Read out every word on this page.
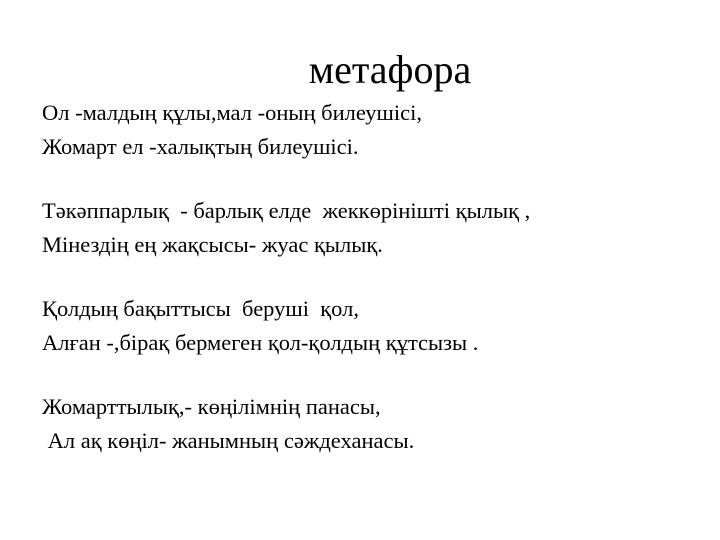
метафора
Ол -малдың құлы,мал -оның билеушісі,
Жомарт ел -халықтың билеушісі.
Тәкәппарлық  - барлық елде  жеккөрінішті қылық ,
Мінездің ең жақсысы- жуас қылық.
Қолдың бақыттысы  беруші  қол,
Алған -,бірақ бермеген қол-қолдың құтсызы .
Жомарттылық,- көңілімнің панасы,
Ал ақ көңіл- жанымның сәждеханасы.
